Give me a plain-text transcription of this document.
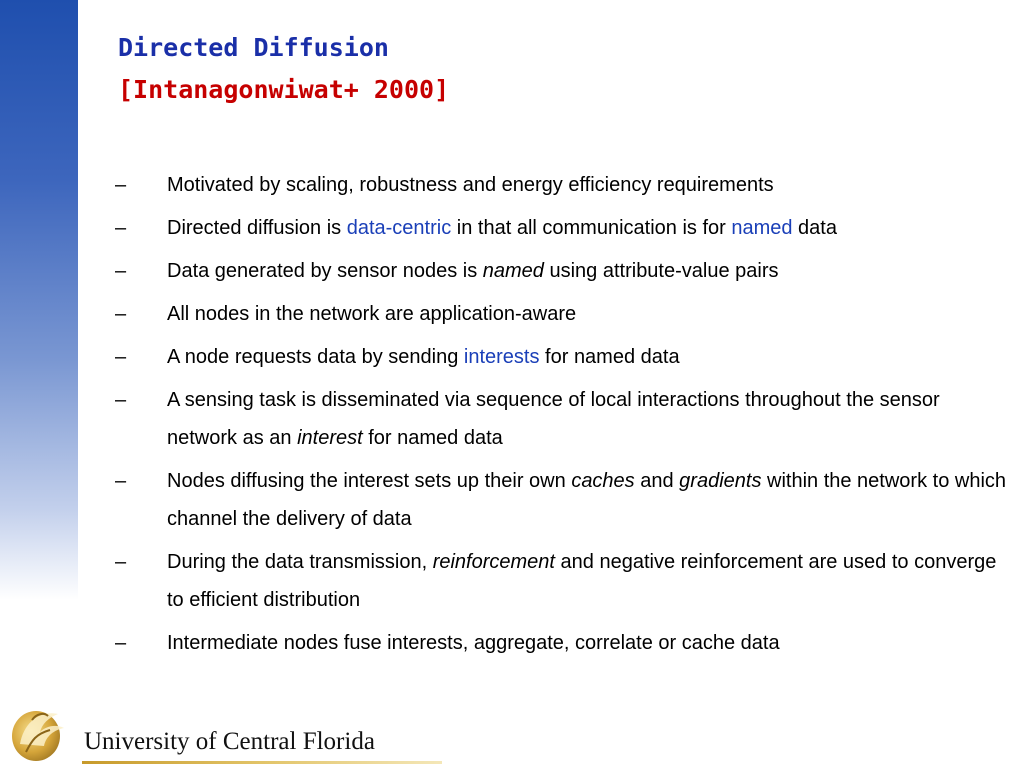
Directed Diffusion
[Intanagonwiwat+ 2000]
–	Motivated by scaling, robustness and energy efficiency requirements
–	Directed diffusion is data-centric in that all communication is for named data
–	Data generated by sensor nodes is named using attribute-value pairs
–	All nodes in the network are application-aware
–	A node requests data by sending interests for named data
–	A sensing task is disseminated via sequence of local interactions throughout the sensor network as an interest for named data
–	Nodes diffusing the interest sets up their own caches and gradients within the network to which channel the delivery of data
–	During the data transmission, reinforcement and negative reinforcement are used to converge to efficient distribution
–	Intermediate nodes fuse interests, aggregate, correlate or cache data
University of Central Florida
